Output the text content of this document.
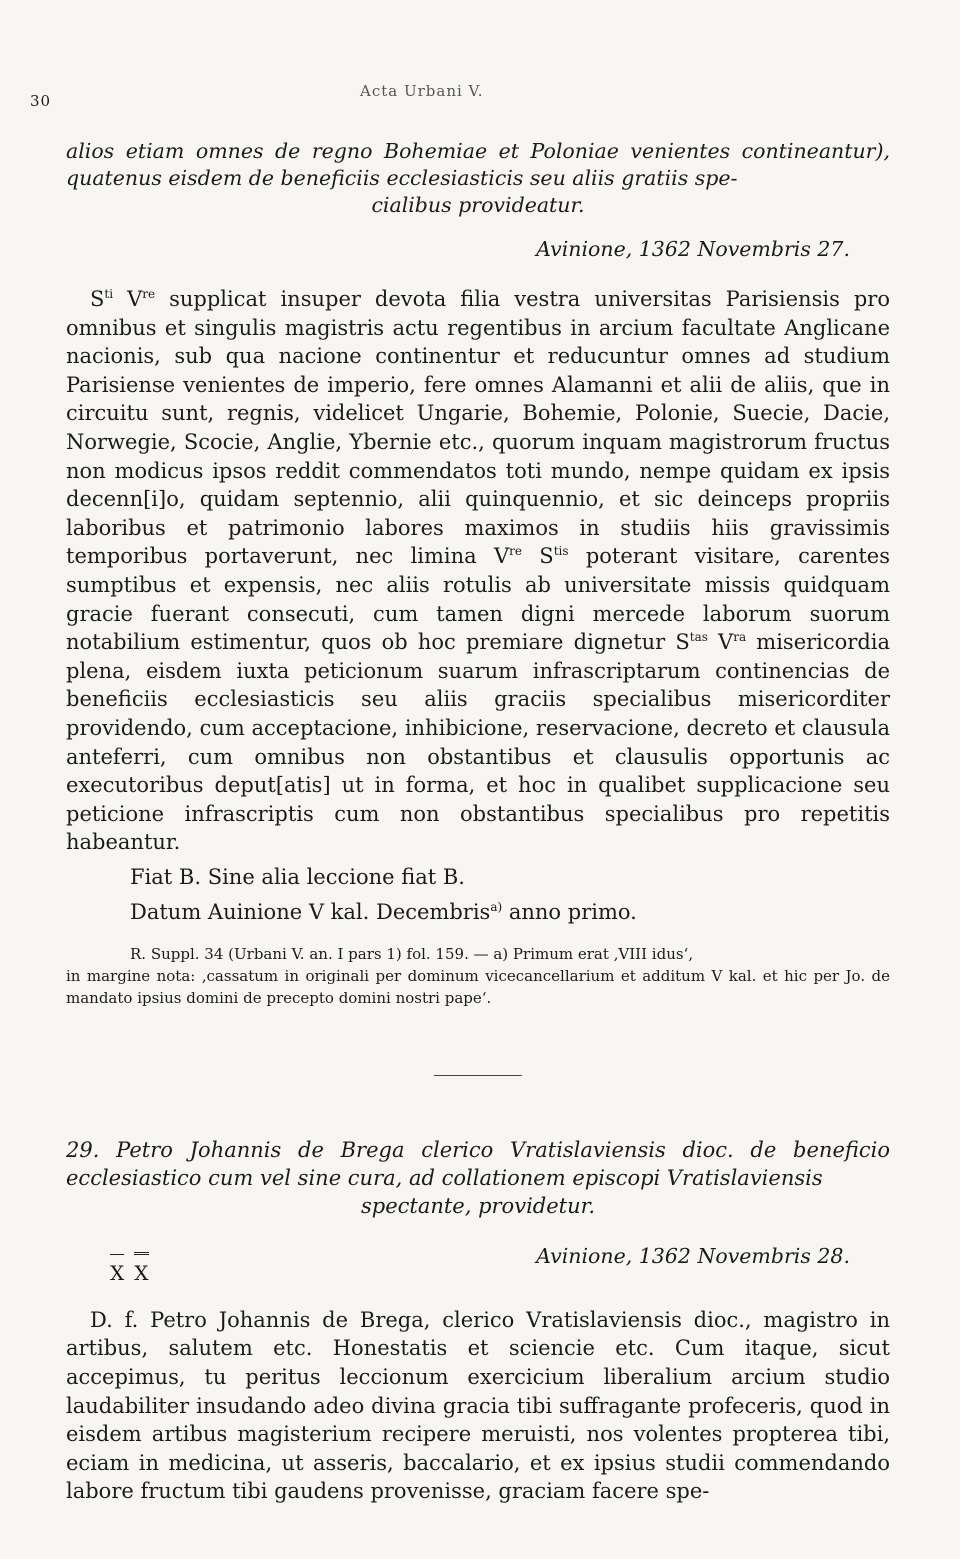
30
Acta Urbani V.
alios etiam omnes de regno Bohemiae et Poloniae venientes contineantur), quatenus eisdem de beneficiis ecclesiasticis seu aliis gratiis spe-
cialibus provideatur.
Avinione, 1362 Novembris 27.

$S^{ti}$ Vre supplicat insuper devota filia vestra universitas Parisiensis pro omnibus et singulis magistris actu regentibus in arcium facultate Anglicane nacionis, sub qua nacione continentur et reducuntur omnes ad studium Parisiense venientes de imperio, fere omnes Alamanni et alii de aliis, que in circuitu sunt, regnis, videlicet Ungarie, Bohemie, Polonie, Suecie, Dacie, Norwegie, Scocie, Anglie, Ybernie etc., quorum inquam magistrorum fructus non modicus ipsos reddit commendatos toti mundo, nempe quidam ex ipsis decenn[i]o, quidam septennio, alii quinquennio, et sic deinceps propriis laboribus et patrimonio labores maximos in studiis hiis gravissimis temporibus portaverunt, nec limina Vre $S^{tis}$ poterant visitare, carentes sumptibus et expensis, nec aliis rotulis ab universitate missis quidquam gracie fuerant consecuti, cum tamen digni mercede laborum suorum notabilium estimentur, quos ob hoc premiare dignetur $S^{tas}$ $V^{ra}$ misericordia plena, eisdem iuxta peticionum suarum infrascriptarum continencias de beneficiis ecclesiasticis seu aliis graciis specialibus misericorditer providendo, cum acceptacione, inhibicione, reservacione, decreto et clausula anteferri, cum omnibus non obstantibus et clausulis opportunis ac executoribus deput[atis] ut in forma, et hoc in qualibet supplicacione seu peticione infrascriptis cum non obstantibus specialibus pro repetitis habeantur.

Fiat B. Sine alia leccione fiat B.
Datum Auinione V kal. Decembris$^{a)}$ anno primo.
R. Suppl. 34 (Urbani V. an. I pars 1) fol. 159. — a) Primum erat ‚VIII idus‘,
in margine nota: ‚cassatum in originali per dominum vicecancellarium et additum V kal. et hic per Jo. de mandato ipsius domini de precepto domini nostri pape‘.
29. Petro Johannis de Brega clerico Vratislaviensis dioc. de beneficio ecclesiastico cum vel sine cura, ad collationem episcopi Vratislaviensis
spectante, providetur.
X X
Avinione, 1362 Novembris 28.

D. f. Petro Johannis de Brega, clerico Vratislaviensis dioc., magistro in artibus, salutem etc. Honestatis et sciencie etc. Cum itaque, sicut accepimus, tu peritus leccionum exercicium liberalium arcium studio laudabiliter insudando adeo divina gracia tibi suffragante profeceris, quod in eisdem artibus magisterium recipere meruisti, nos volentes propterea tibi, eciam in medicina, ut asseris, baccalario, et ex ipsius studii commendando labore fructum tibi gaudens provenisse, graciam facere spe-
